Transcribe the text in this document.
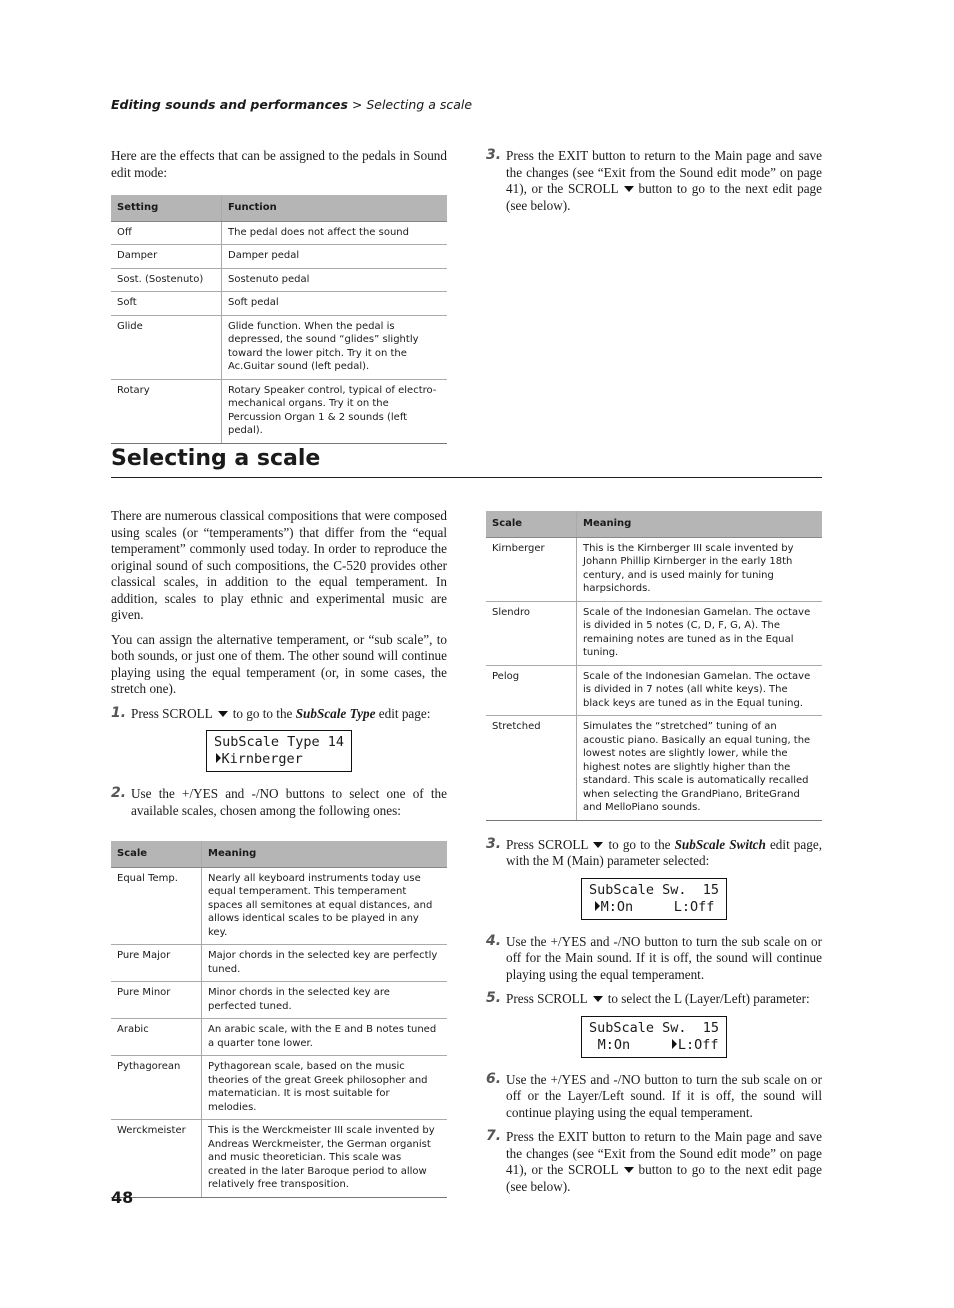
Editing sounds and performances > Selecting a scale

Here are the effects that can be assigned to the pedals in Sound edit mode:

Setting	Function
Off	The pedal does not affect the sound
Damper	Damper pedal
Sost. (Sostenuto)	Sostenuto pedal
Soft	Soft pedal
Glide	Glide function. When the pedal is depressed, the sound “glides” slightly toward the lower pitch. Try it on the Ac.Guitar sound (left pedal).
Rotary	Rotary Speaker control, typical of electro-mechanical organs. Try it on the Percussion Organ 1 & 2 sounds (left pedal).
3. Press the EXIT button to return to the Main page and save the changes (see “Exit from the Sound edit mode” on page 41), or the SCROLL button to go to the next edit page (see below).
Selecting a scale

There are numerous classical compositions that were composed using scales (or “temperaments”) that differ from the “equal temperament” commonly used today. In order to reproduce the original sound of such compositions, the C-520 provides other classical scales, in addition to the equal temperament. In addition, scales to play ethnic and experimental music are given.

You can assign the alternative temperament, or “sub scale”, to both sounds, or just one of them. The other sound will continue playing using the equal temperament (or, in some cases, the stretch one).

1. Press SCROLL to go to the SubScale Type edit page:
SubScale Type 14
Kirnberger
2. Use the +/YES and -/NO buttons to select one of the available scales, chosen among the following ones:
Scale	Meaning
Equal Temp.	Nearly all keyboard instruments today use equal temperament. This temperament spaces all semitones at equal distances, and allows identical scales to be played in any key.
Pure Major	Major chords in the selected key are perfectly tuned.
Pure Minor	Minor chords in the selected key are perfected tuned.
Arabic	An arabic scale, with the E and B notes tuned a quarter tone lower.
Pythagorean	Pythagorean scale, based on the music theories of the great Greek philosopher and matematician. It is most suitable for melodies.
Werckmeister	This is the Werckmeister III scale invented by Andreas Werckmeister, the German organist and music theoretician. This scale was created in the later Baroque period to allow relatively free transposition.
Scale	Meaning
Kirnberger	This is the Kirnberger III scale invented by Johann Phillip Kirnberger in the early 18th century, and is used mainly for tuning harpsichords.
Slendro	Scale of the Indonesian Gamelan. The octave is divided in 5 notes (C, D, F, G, A). The remaining notes are tuned as in the Equal tuning.
Pelog	Scale of the Indonesian Gamelan. The octave is divided in 7 notes (all white keys). The black keys are tuned as in the Equal tuning.
Stretched	Simulates the “stretched” tuning of an acoustic piano. Basically an equal tuning, the lowest notes are slightly lower, while the highest notes are slightly higher than the standard. This scale is automatically recalled when selecting the GrandPiano, BriteGrand and MelloPiano sounds.
3. Press SCROLL to go to the SubScale Switch edit page, with the M (Main) parameter selected:
SubScale Sw.  15
M:On     L:Off
4. Use the +/YES and -/NO button to turn the sub scale on or off for the Main sound. If it is off, the sound will continue playing using the equal temperament.
5. Press SCROLL to select the L (Layer/Left) parameter:
SubScale Sw.  15
M:On     L:Off
6. Use the +/YES and -/NO button to turn the sub scale on or off or the Layer/Left sound. If it is off, the sound will continue playing using the equal temperament.
7. Press the EXIT button to return to the Main page and save the changes (see “Exit from the Sound edit mode” on page 41), or the SCROLL button to go to the next edit page (see below).
48
